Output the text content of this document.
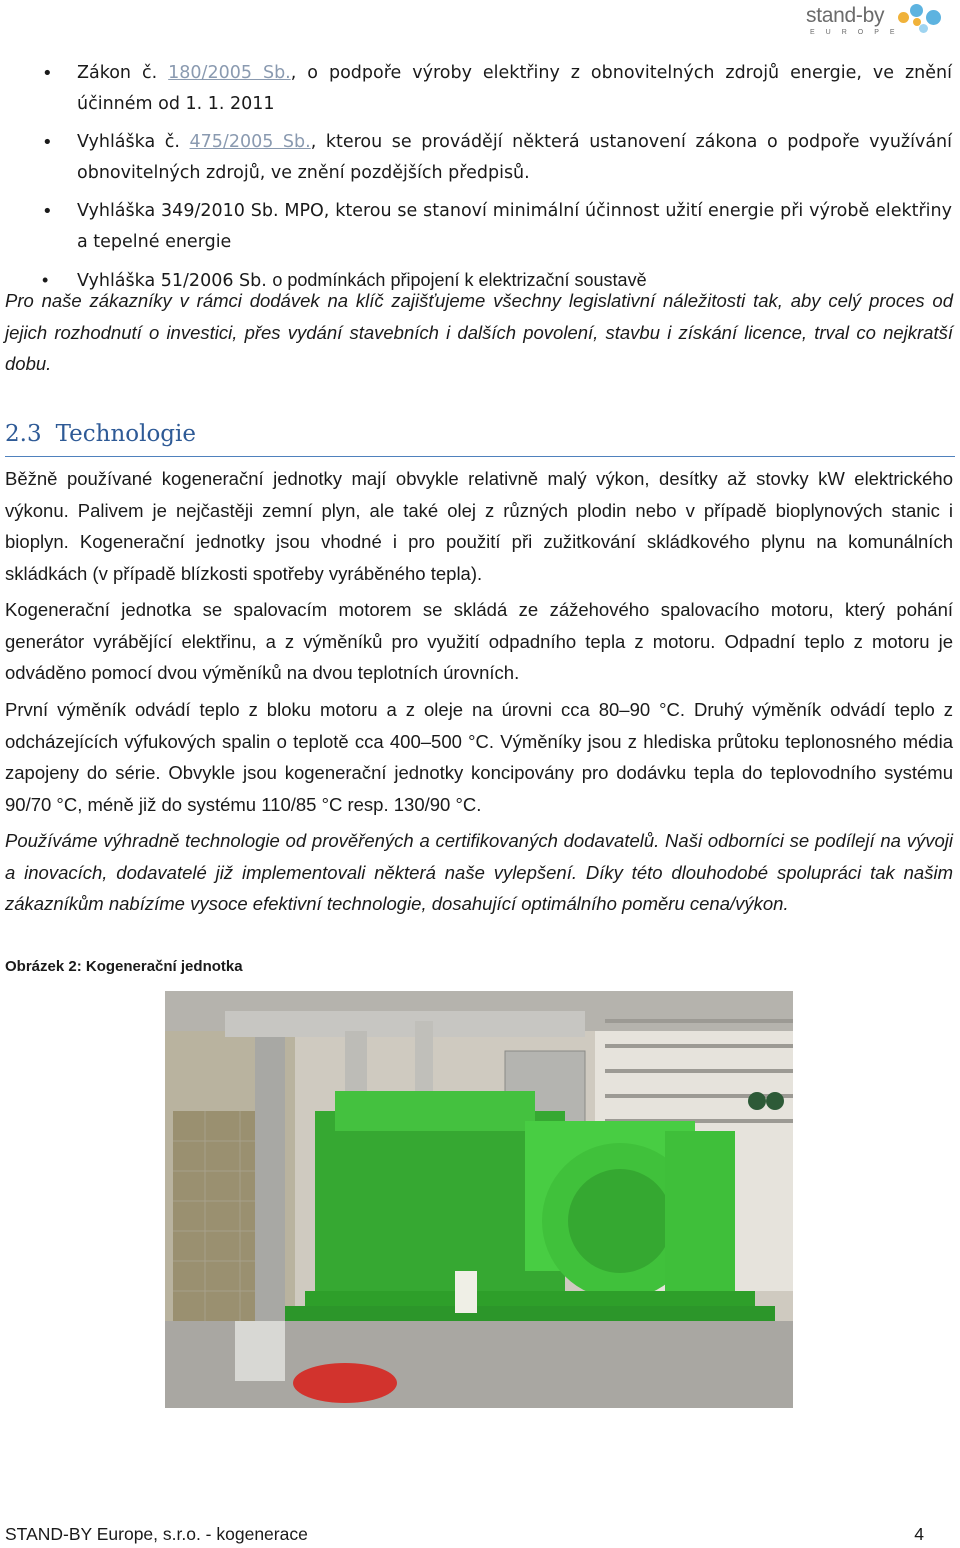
stand-by
EUROPE
• Zákon č. 180/2005 Sb., o podpoře výroby elektřiny z obnovitelných zdrojů energie, ve znění účinném od 1. 1. 2011
• Vyhláška č. 475/2005 Sb., kterou se provádějí některá ustanovení zákona o podpoře využívání obnovitelných zdrojů, ve znění pozdějších předpisů.
• Vyhláška 349/2010 Sb. MPO, kterou se stanoví minimální účinnost užití energie při výrobě elektřiny a tepelné energie
• Vyhláška 51/2006 Sb. o podmínkách připojení k elektrizační soustavě

Pro naše zákazníky v rámci dodávek na klíč zajišťujeme všechny legislativní náležitosti tak, aby celý proces od jejich rozhodnutí o investici, přes vydání stavebních i dalších povolení, stavbu i získání licence, trval co nejkratší dobu.

2.3 Technologie

Běžně používané kogenerační jednotky mají obvykle relativně malý výkon, desítky až stovky kW elektrického výkonu. Palivem je nejčastěji zemní plyn, ale také olej z různých plodin nebo v případě bioplynových stanic i bioplyn. Kogenerační jednotky jsou vhodné i pro použití při zužitkování skládkového plynu na komunálních skládkách (v případě blízkosti spotřeby vyráběného tepla).

Kogenerační jednotka se spalovacím motorem se skládá ze zážehového spalovacího motoru, který pohání generátor vyrábějící elektřinu, a z výměníků pro využití odpadního tepla z motoru. Odpadní teplo z motoru je odváděno pomocí dvou výměníků na dvou teplotních úrovních.

První výměník odvádí teplo z bloku motoru a z oleje na úrovni cca 80–90 °C. Druhý výměník odvádí teplo z odcházejících výfukových spalin o teplotě cca 400–500 °C. Výměníky jsou z hlediska průtoku teplonosného média zapojeny do série. Obvykle jsou kogenerační jednotky koncipovány pro dodávku tepla do teplovodního systému 90/70 °C, méně již do systému 110/85 °C resp. 130/90 °C.

Používáme výhradně technologie od prověřených a certifikovaných dodavatelů. Naši odborníci se podílejí na vývoji a inovacích, dodavatelé již implementovali některá naše vylepšení. Díky této dlouhodobé spolupráci tak našim zákazníkům nabízíme vysoce efektivní technologie, dosahující optimálního poměru cena/výkon.

Obrázek 2: Kogenerační jednotka
STAND-BY Europe, s.r.o. - kogenerace	4
